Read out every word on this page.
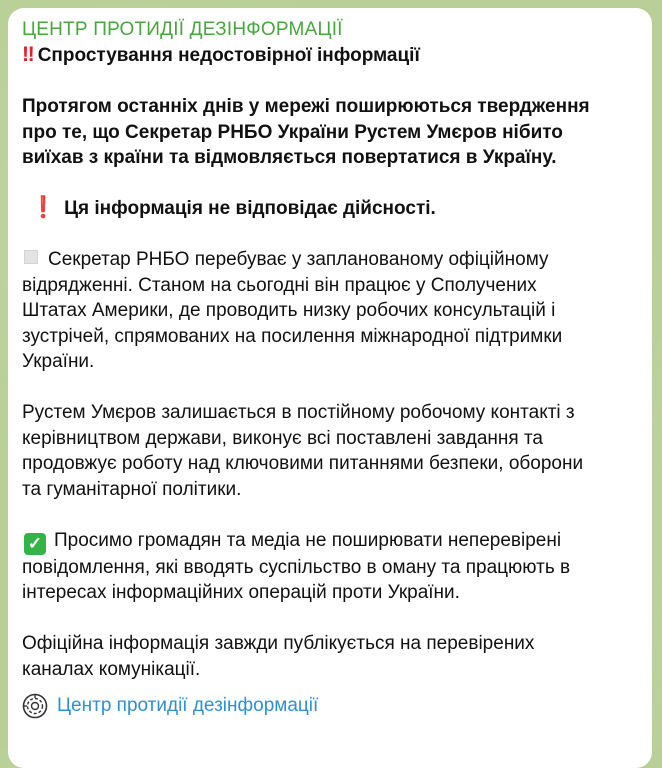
ЦЕНТР ПРОТИДІЇ ДЕЗІНФОРМАЦІЇ
‼ Спростування недостовірної інформації
Протягом останніх днів у мережі поширюються твердження
про те, що Секретар РНБО України Рустем Умєров нібито
виїхав з країни та відмовляється повертатися в Україну.
❗ Ця інформація не відповідає дійсності.
Секретар РНБО перебуває у запланованому офіційному
відрядженні. Станом на сьогодні він працює у Сполучених
Штатах Америки, де проводить низку робочих консультацій і
зустрічей, спрямованих на посилення міжнародної підтримки
України.
Рустем Умєров залишається в постійному робочому контакті з
керівництвом держави, виконує всі поставлені завдання та
продовжує роботу над ключовими питаннями безпеки, оборони
та гуманітарної політики.
✓ Просимо громадян та медіа не поширювати неперевірені
повідомлення, які вводять суспільство в оману та працюють в
інтересах інформаційних операцій проти України.
Офіційна інформація завжди публікується на перевірених
каналах комунікації.
Центр протидії дезінформації
